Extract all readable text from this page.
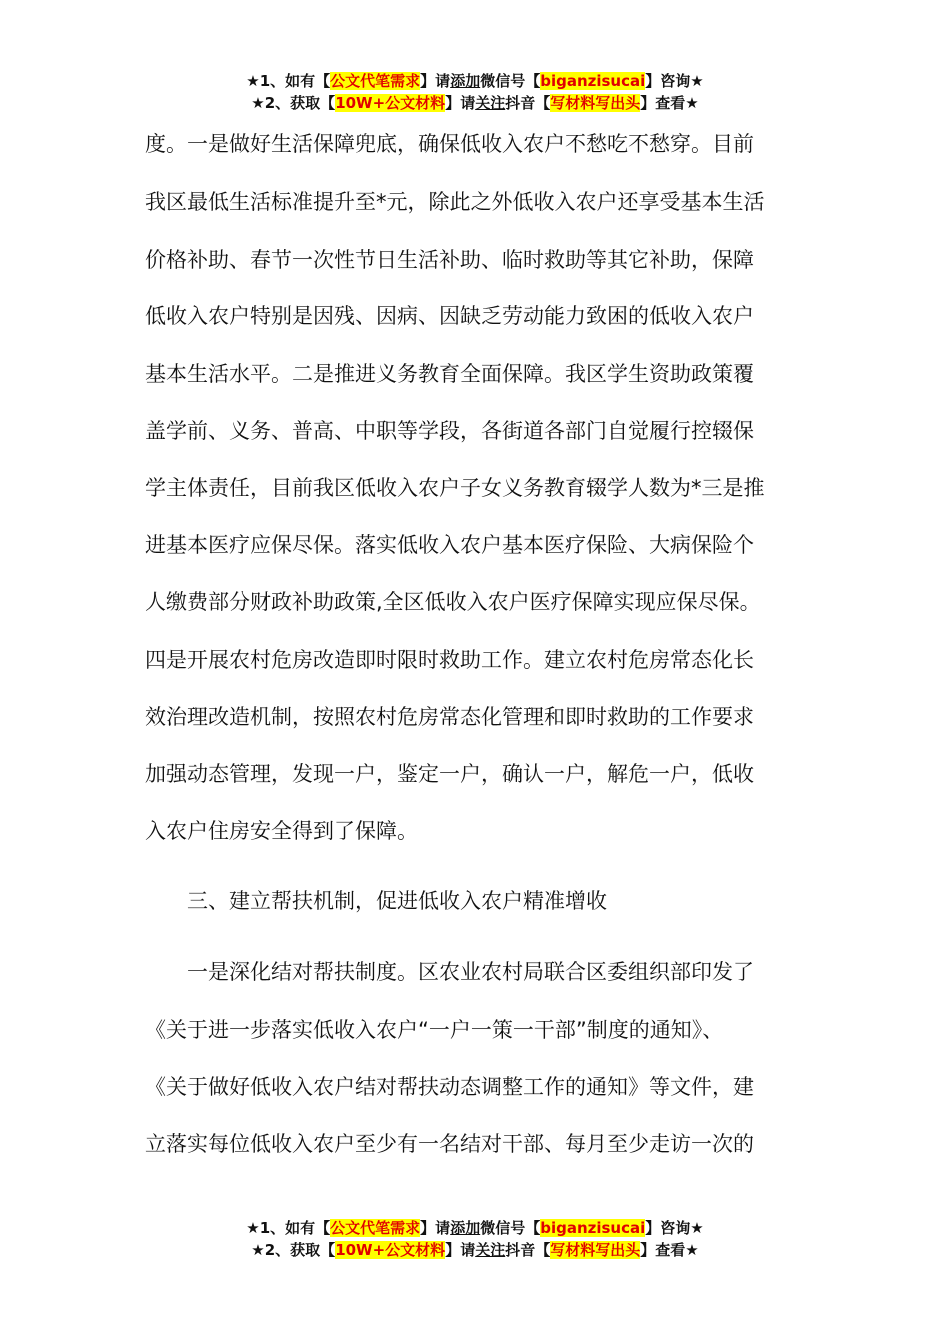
★1、如有【公文代笔需求】请添加微信号【biganzisucai】咨询★
★2、获取【10W+公文材料】请关注抖音【写材料写出头】查看★
度。一是做好生活保障兜底，确保低收入农户不愁吃不愁穿。目前
我区最低生活标准提升至*元，除此之外低收入农户还享受基本生活
价格补助、春节一次性节日生活补助、临时救助等其它补助，保障
低收入农户特别是因残、因病、因缺乏劳动能力致困的低收入农户
基本生活水平。二是推进义务教育全面保障。我区学生资助政策覆
盖学前、义务、普高、中职等学段，各街道各部门自觉履行控辍保
学主体责任，目前我区低收入农户子女义务教育辍学人数为*三是推
进基本医疗应保尽保。落实低收入农户基本医疗保险、大病保险个
人缴费部分财政补助政策,全区低收入农户医疗保障实现应保尽保。
四是开展农村危房改造即时限时救助工作。建立农村危房常态化长
效治理改造机制，按照农村危房常态化管理和即时救助的工作要求
加强动态管理，发现一户，鉴定一户，确认一户，解危一户，低收
入农户住房安全得到了保障。
　　三、建立帮扶机制，促进低收入农户精准增收
　　一是深化结对帮扶制度。区农业农村局联合区委组织部印发了
《关于进一步落实低收入农户“一户一策一干部”制度的通知》、
《关于做好低收入农户结对帮扶动态调整工作的通知》等文件，建
立落实每位低收入农户至少有一名结对干部、每月至少走访一次的
★1、如有【公文代笔需求】请添加微信号【biganzisucai】咨询★
★2、获取【10W+公文材料】请关注抖音【写材料写出头】查看★
